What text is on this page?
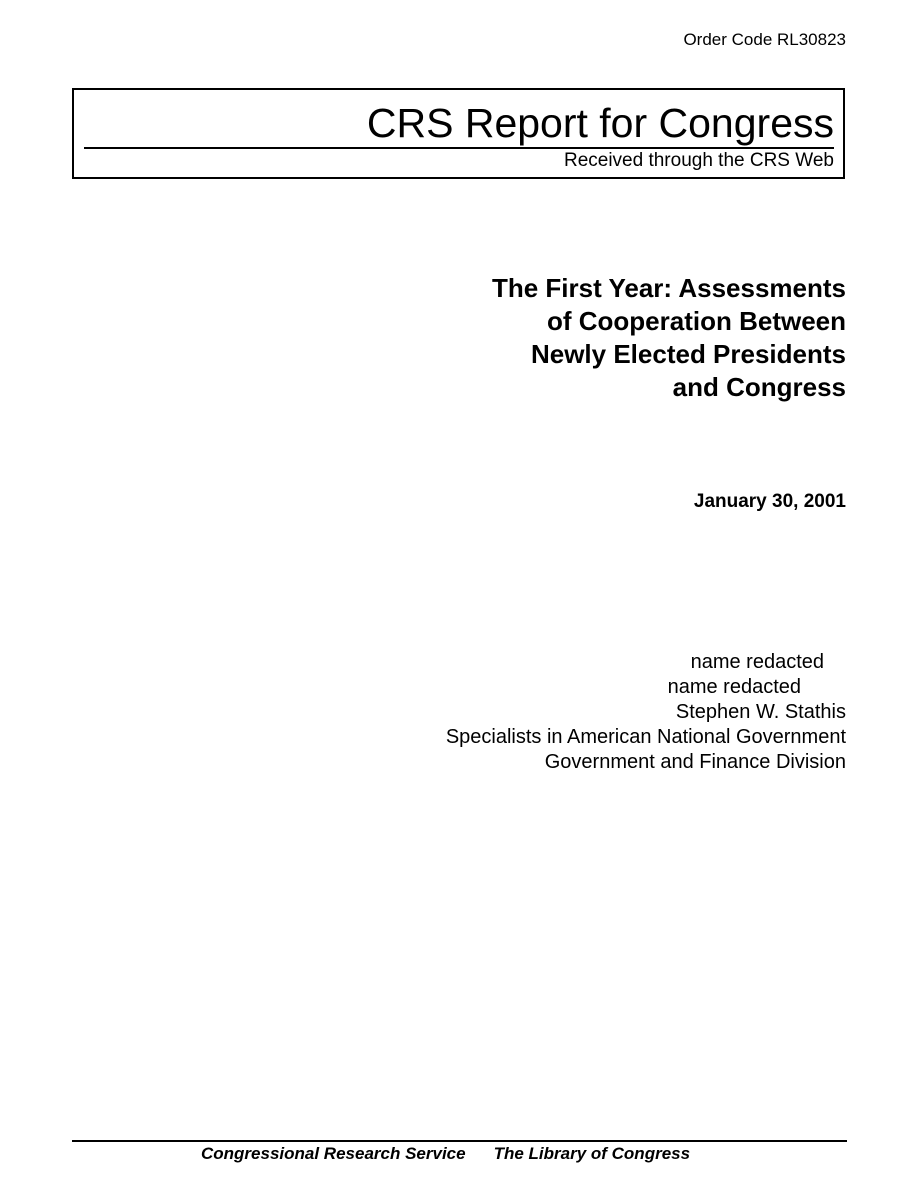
Order Code RL30823
CRS Report for Congress
Received through the CRS Web
The First Year: Assessments
of Cooperation Between
Newly Elected Presidents
and Congress
January 30, 2001
name redacted
name redacted
Stephen W. Stathis
Specialists in American National Government
Government and Finance Division
Congressional Research Service The Library of Congress
